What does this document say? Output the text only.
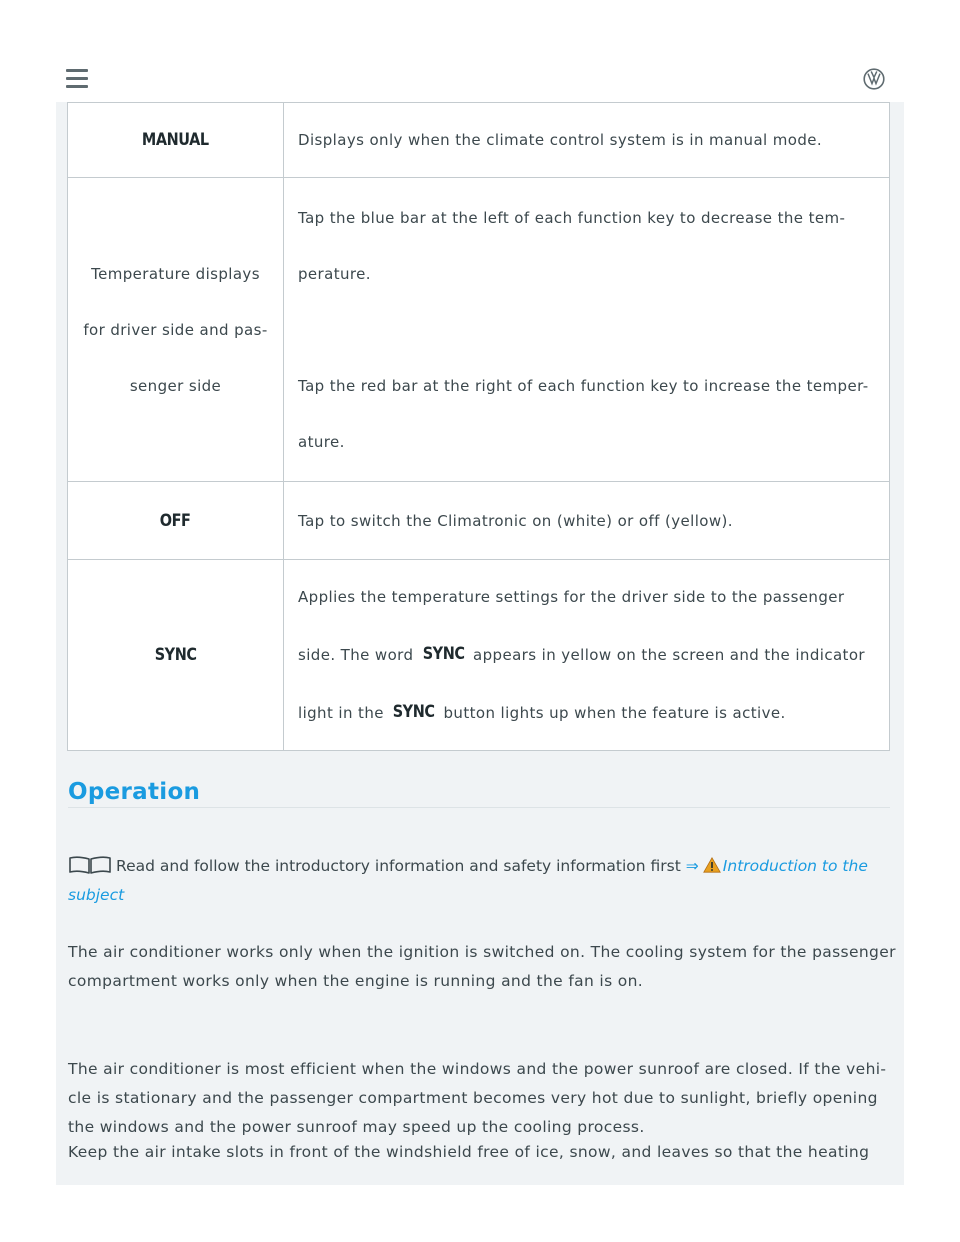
MANUAL	Displays only when the climate control system is in manual mode.

Temperature displays
for driver side and pas-
senger side	Tap the blue bar at the left of each function key to decrease the tem-
perature.
Tap the red bar at the right of each function key to increase the temper-
ature.

OFF	Tap to switch the Climatronic on (white) or off (yellow).
SYNC	Applies the temperature settings for the driver side to the passenger
side. The word SYNC appears in yellow on the screen and the indicator
light in the SYNC button lights up when the feature is active.
Operation
Read and follow the introductory information and safety information first ⇒ Introduction to the subject
The air conditioner works only when the ignition is switched on. The cooling system for the passenger compartment works only when the engine is running and the fan is on.
The air conditioner is most efficient when the windows and the power sunroof are closed. If the vehi-cle is stationary and the passenger compartment becomes very hot due to sunlight, briefly opening the windows and the power sunroof may speed up the cooling process.
Keep the air intake slots in front of the windshield free of ice, snow, and leaves so that the heating
